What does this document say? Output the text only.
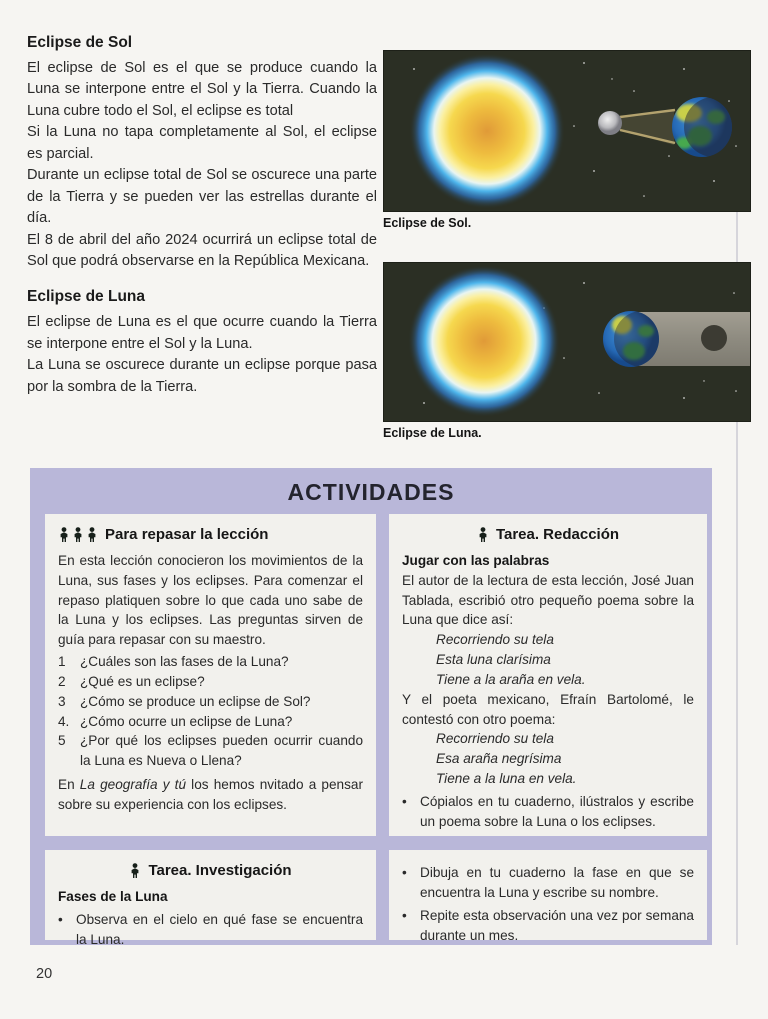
Eclipse de Sol

El eclipse de Sol es el que se produce cuando la Luna se interpone entre el Sol y la Tierra. Cuando la Luna cubre todo el Sol, el eclipse es total

Si la Luna no tapa completamente al Sol, el eclipse es parcial.

Durante un eclipse total de Sol se oscurece una parte de la Tierra y se pueden ver las estrellas durante el día.

El 8 de abril del año 2024 ocurrirá un eclipse total de Sol que podrá observarse en la República Mexicana.

Eclipse de Luna

El eclipse de Luna es el que ocurre cuando la Tierra se interpone entre el Sol y la Luna.

La Luna se oscurece durante un eclipse porque pasa por la sombra de la Tierra.

Eclipse de Sol.
Eclipse de Luna.
ACTIVIDADES
Para repasar la lección

En esta lección conocieron los movimientos de la Luna, sus fases y los eclipses. Para comenzar el repaso platiquen sobre lo que cada uno sabe de la Luna y los eclipses. Las preguntas sirven de guía para repasar con su maestro.

1	¿Cuáles son las fases de la Luna?
2	¿Qué es un eclipse?
3	¿Cómo se produce un eclipse de Sol?
4. ¿Cómo ocurre un eclipse de Luna?
5	¿Por qué los eclipses pueden ocurrir cuando la Luna es Nueva o Llena?

En La geografía y tú los hemos nvitado a pensar sobre su experiencia con los eclipses.

Tarea. Redacción

Jugar con las palabras

El autor de la lectura de esta lección, José Juan Tablada, escribió otro pequeño poema sobre la Luna que dice así:

Recorriendo su tela

Esta luna clarísima

Tiene a la araña en vela.

Y el poeta mexicano, Efraín Bartolomé, le contestó con otro poema:

Recorriendo su tela

Esa araña negrísima

Tiene a la luna en vela.

• Cópialos en tu cuaderno, ilústralos y escribe un poema sobre la Luna o los eclipses.
Tarea. Investigación

Fases de la Luna

• Observa en el cielo en qué fase se encuentra la Luna.
• Dibuja en tu cuaderno la fase en que se encuentra la Luna y escribe su nombre.
• Repite esta observación una vez por semana durante un mes.
20
